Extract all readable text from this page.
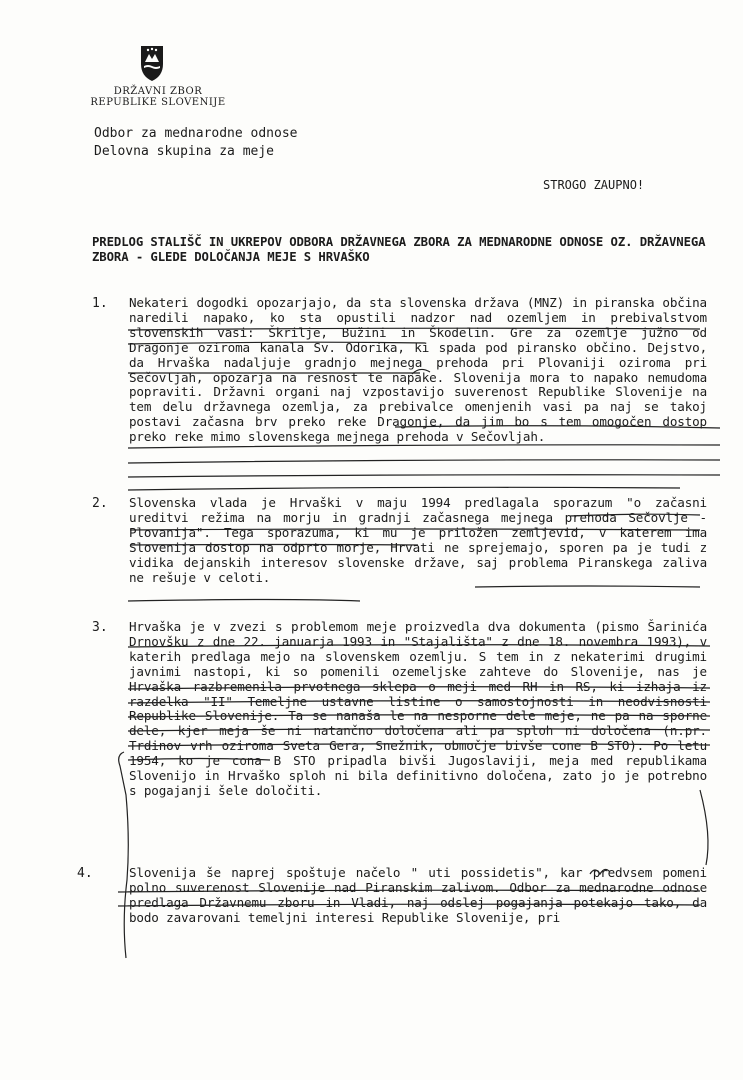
DRŽAVNI ZBOR
REPUBLIKE SLOVENIJE
Odbor za mednarodne odnose
Delovna skupina za meje
STROGO ZAUPNO!
PREDLOG STALIŠČ IN UKREPOV ODBORA DRŽAVNEGA ZBORA ZA MEDNARODNE ODNOSE OZ. DRŽAVNEGA ZBORA - GLEDE DOLOČANJA MEJE S HRVAŠKO
1. Nekateri dogodki opozarjajo, da sta slovenska država (MNZ) in piranska občina naredili napako, ko sta opustili nadzor nad ozemljem in prebivalstvom slovenskih vasi: Škrilje, Bužini in Škodelin. Gre za ozemlje južno od Dragonje oziroma kanala Sv. Odorika, ki spada pod piransko občino. Dejstvo, da Hrvaška nadaljuje gradnjo mejnega prehoda pri Plovaniji oziroma pri Sečovljah, opozarja na resnost te napake. Slovenija mora to napako nemudoma popraviti. Državni organi naj vzpostavijo suverenost Republike Slovenije na tem delu državnega ozemlja, za prebivalce omenjenih vasi pa naj se takoj postavi začasna brv preko reke Dragonje, da jim bo s tem omogočen dostop preko reke mimo slovenskega mejnega prehoda v Sečovljah.
2. Slovenska vlada je Hrvaški v maju 1994 predlagala sporazum "o začasni ureditvi režima na morju in gradnji začasnega mejnega prehoda Sečovlje - Plovanija". Tega sporazuma, ki mu je priložen zemljevid, v katerem ima Slovenija dostop na odprto morje, Hrvati ne sprejemajo, sporen pa je tudi z vidika dejanskih interesov slovenske države, saj problema Piranskega zaliva ne rešuje v celoti.
3. Hrvaška je v zvezi s problemom meje proizvedla dva dokumenta (pismo Šarinića Drnovšku z dne 22. januarja 1993 in "Stajališta" z dne 18. novembra 1993), v katerih predlaga mejo na slovenskem ozemlju. S tem in z nekaterimi drugimi javnimi nastopi, ki so pomenili ozemeljske zahteve do Slovenije, nas je Hrvaška razbremenila prvotnega sklepa o meji med RH in RS, ki izhaja iz razdelka "II" Temeljne ustavne listine o samostojnosti in neodvisnosti Republike Slovenije. Ta se nanaša le na nesporne dele meje, ne pa na sporne dele, kjer meja še ni natančno določena ali pa sploh ni določena (n.pr. Trdinov vrh oziroma Sveta Gera, Snežnik, območje bivše cone B STO). Po letu 1954, ko je cona B STO pripadla bivši Jugoslaviji, meja med republikama Slovenijo in Hrvaško sploh ni bila definitivno določena, zato jo je potrebno s pogajanji šele določiti.
4.	Slovenija še naprej spoštuje načelo " uti possidetis", kar predvsem pomeni polno suverenost Slovenije nad Piranskim zalivom. Odbor za mednarodne odnose predlaga Državnemu zboru in Vladi, naj odslej pogajanja potekajo tako, da bodo zavarovani temeljni interesi Republike Slovenije, pri
